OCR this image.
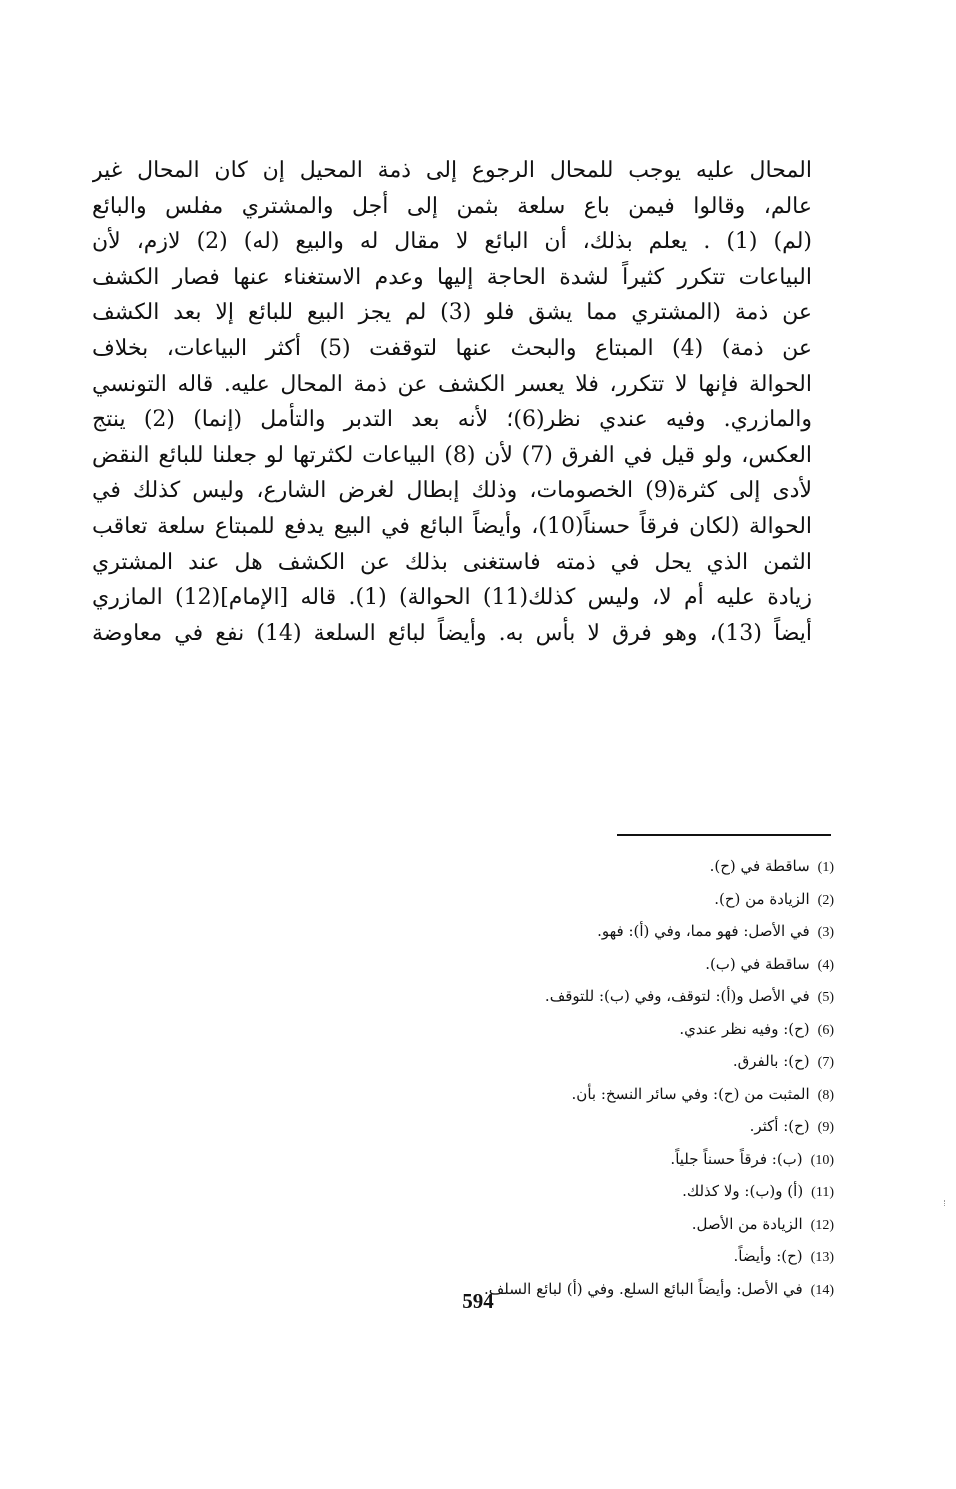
المحال عليه يوجب للمحال الرجوع إلى ذمة المحيل إن كان المحال غير
عالم، وقالوا فيمن باع سلعة بثمن إلى أجل والمشتري مفلس والبائع
(لم) (1) . يعلم بذلك، أن البائع لا مقال له والبيع (له) (2) لازم، لأن
البياعات تتكرر كثيراً لشدة الحاجة إليها وعدم الاستغناء عنها فصار الكشف
عن ذمة (المشتري مما يشق فلو (3) لم يجز البيع للبائع إلا بعد الكشف
عن ذمة) (4) المبتاع والبحث عنها لتوقفت (5) أكثر البياعات، بخلاف
الحوالة فإنها لا تتكرر، فلا يعسر الكشف عن ذمة المحال عليه. قاله التونسي
والمازري. وفيه عندي نظر(6)؛ لأنه بعد التدبر والتأمل (إنما) (2) ينتج
العكس، ولو قيل في الفرق (7) لأن (8) البياعات لكثرتها لو جعلنا للبائع النقض
لأدى إلى كثرة(9) الخصومات، وذلك إبطال لغرض الشارع، وليس كذلك في
الحوالة (لكان فرقاً حسناً(10)، وأيضاً البائع في البيع يدفع للمبتاع سلعة تعاقب
الثمن الذي يحل في ذمته فاستغنى بذلك عن الكشف هل عند المشتري
زيادة عليه أم لا، وليس كذلك(11) الحوالة) (1). قاله [الإمام](12) المازري
أيضاً (13)، وهو فرق لا بأس به. وأيضاً لبائع السلعة (14) نفع في معاوضة
(1)ساقطة في (ح).
(2)الزيادة من (ح).
(3)في الأصل: فهو مما، وفي (أ): فهو.
(4)ساقطة في (ب).
(5)في الأصل و(أ): لتوقف، وفي (ب): للتوقف.
(6)(ح): وفيه نظر عندي.
(7)(ح): بالفرق.
(8)المثبت من (ح): وفي سائر النسخ: بأن.
(9)(ح): أكثر.
(10)(ب): فرقاً حسناً جلياً.
(11)(أ) و(ب): ولا كذلك.
(12)الزيادة من الأصل.
(13)(ح): وأيضاً.
(14)في الأصل: وأيضاً البائع السلع. وفي (أ) لبائع السلف.
594
